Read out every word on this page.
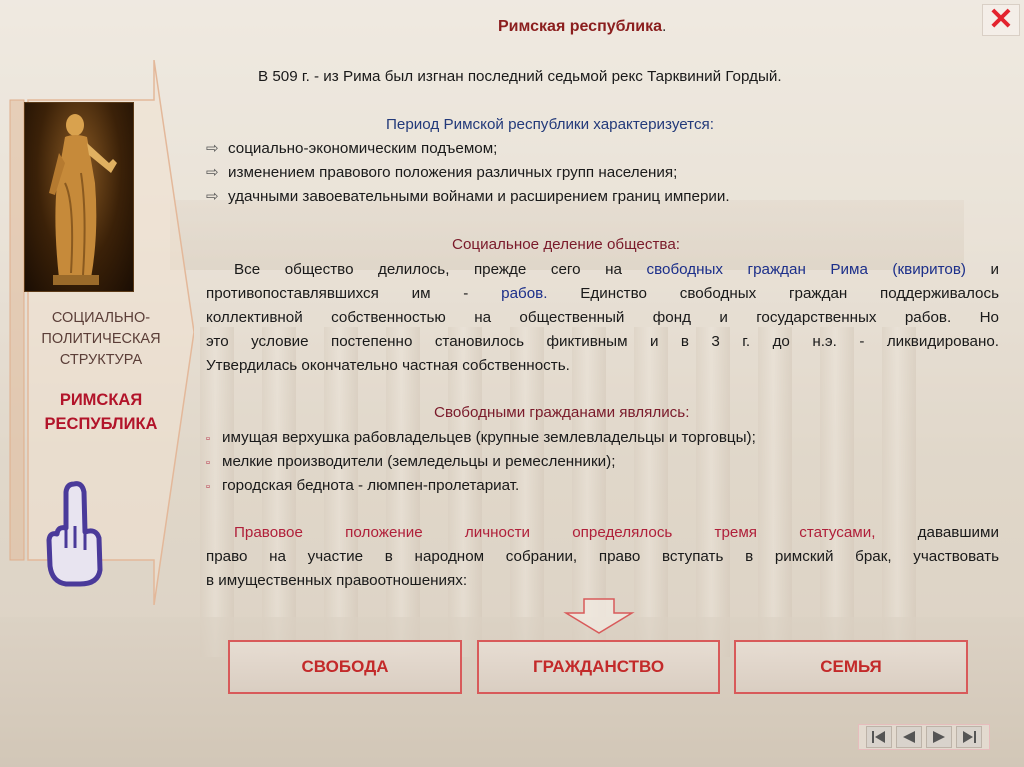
СОЦИАЛЬНО-ПОЛИТИЧЕСКАЯ СТРУКТУРА
РИМСКАЯ РЕСПУБЛИКА
✕
Римская республика.
В 509 г. - из Рима был изгнан последний седьмой рекс Тарквиний Гордый.
Период Римской республики характеризуется:
⇨ социально-экономическим подъемом;
⇨ изменением правового положения различных групп населения;
⇨ удачными завоевательными войнами и расширением границ империи.
Социальное деление общества:
Все общество делилось, прежде сего на свободных граждан Рима (квиритов) и
противопоставлявшихся им - рабов. Единство свободных граждан поддерживалось
коллективной собственностью на общественный фонд и государственных рабов. Но
это условие постепенно становилось фиктивным и в 3 г. до н.э. - ликвидировано.
Утвердилась окончательно частная собственность.
Свободными гражданами являлись:
▫ имущая верхушка рабовладельцев (крупные землевладельцы и торговцы);
▫ мелкие производители (земледельцы и ремесленники);
▫ городская беднота - люмпен-пролетариат.
Правовое положение личности определялось тремя статусами,	дававшими
право на участие в народном собрании, право вступать в римский брак, участвовать
в имущественных правоотношениях:
СВОБОДА	ГРАЖДАНСТВО	СЕМЬЯ
